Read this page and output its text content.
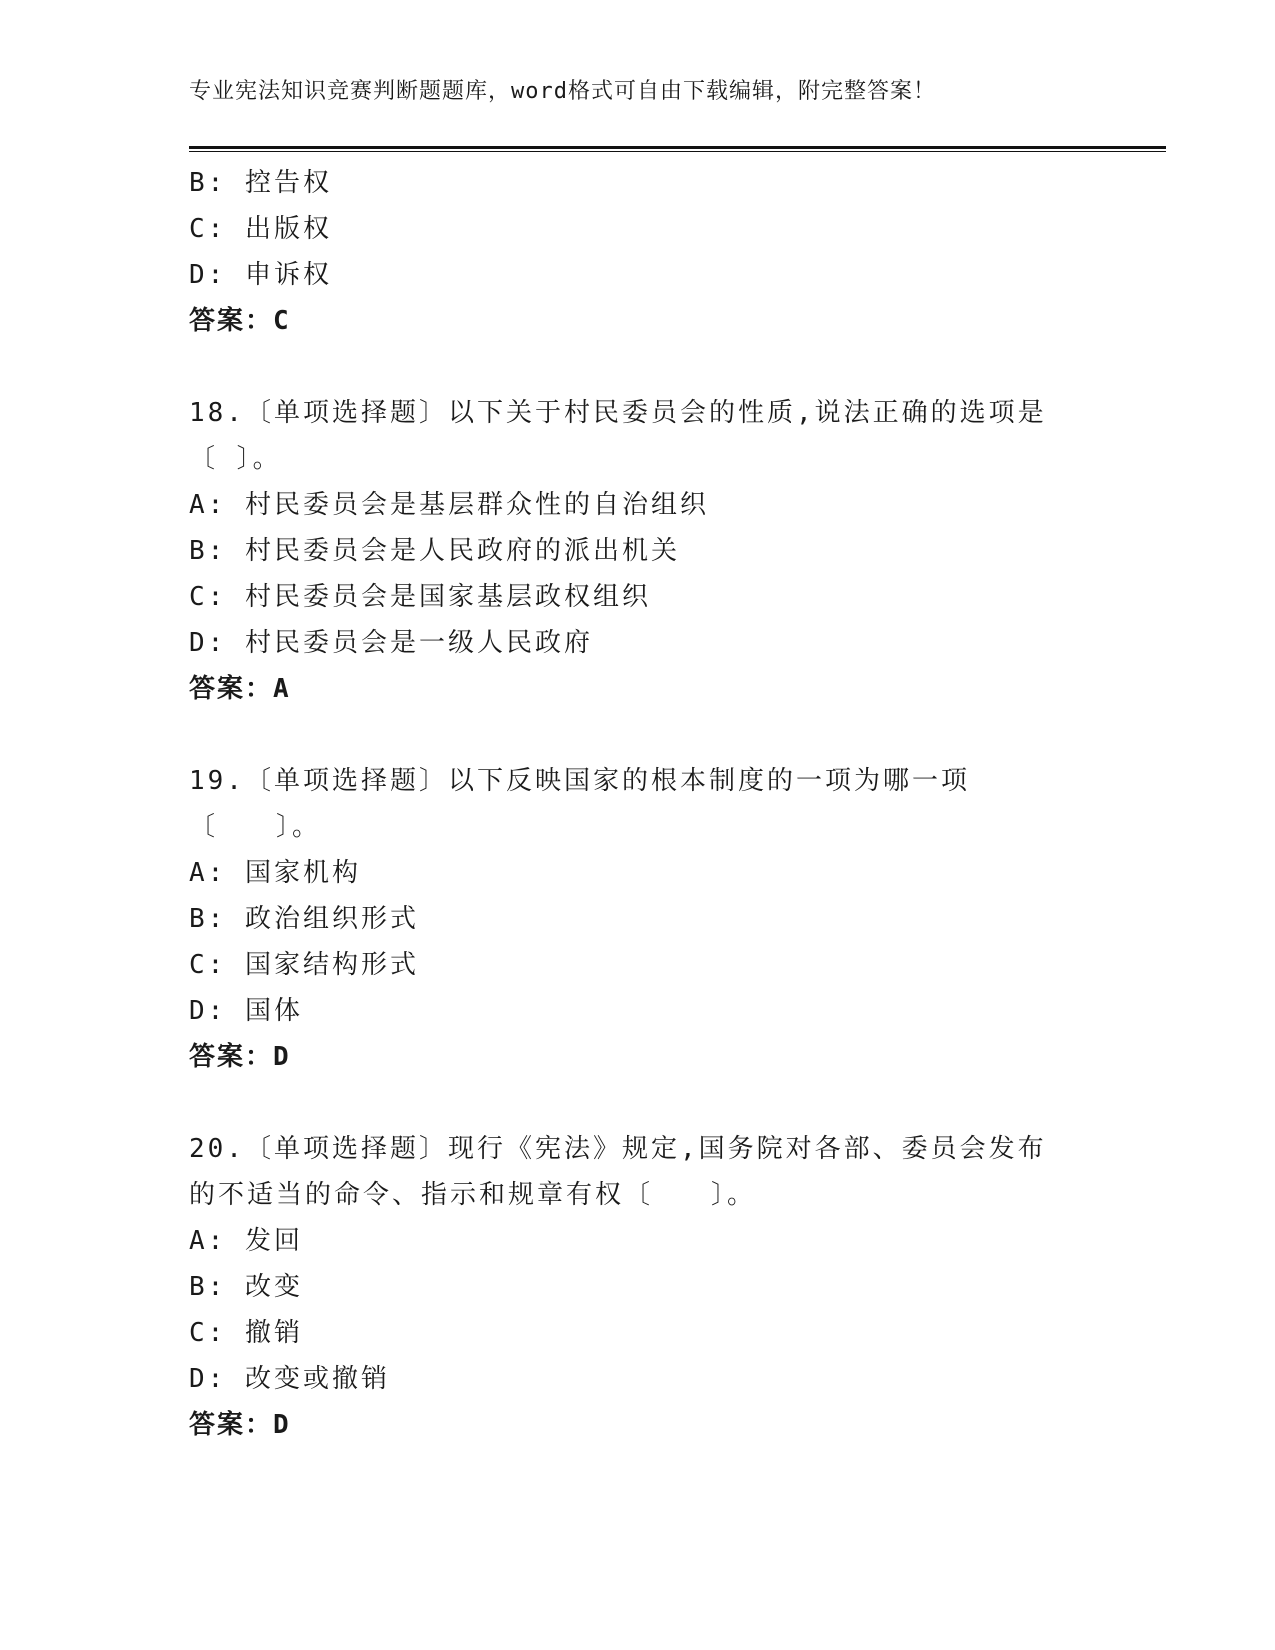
专业宪法知识竞赛判断题题库，word格式可自由下载编辑，附完整答案！
B: 控告权
C: 出版权
D: 申诉权
答案：C
18.〔单项选择题〕以下关于村民委员会的性质,说法正确的选项是〔 〕。
A: 村民委员会是基层群众性的自治组织
B: 村民委员会是人民政府的派出机关
C: 村民委员会是国家基层政权组织
D: 村民委员会是一级人民政府
答案：A
19.〔单项选择题〕以下反映国家的根本制度的一项为哪一项〔　　〕。
A: 国家机构
B: 政治组织形式
C: 国家结构形式
D: 国体
答案：D
20.〔单项选择题〕现行《宪法》规定,国务院对各部、委员会发布的不适当的命令、指示和规章有权〔　　〕。
A: 发回
B: 改变
C: 撤销
D: 改变或撤销
答案：D
